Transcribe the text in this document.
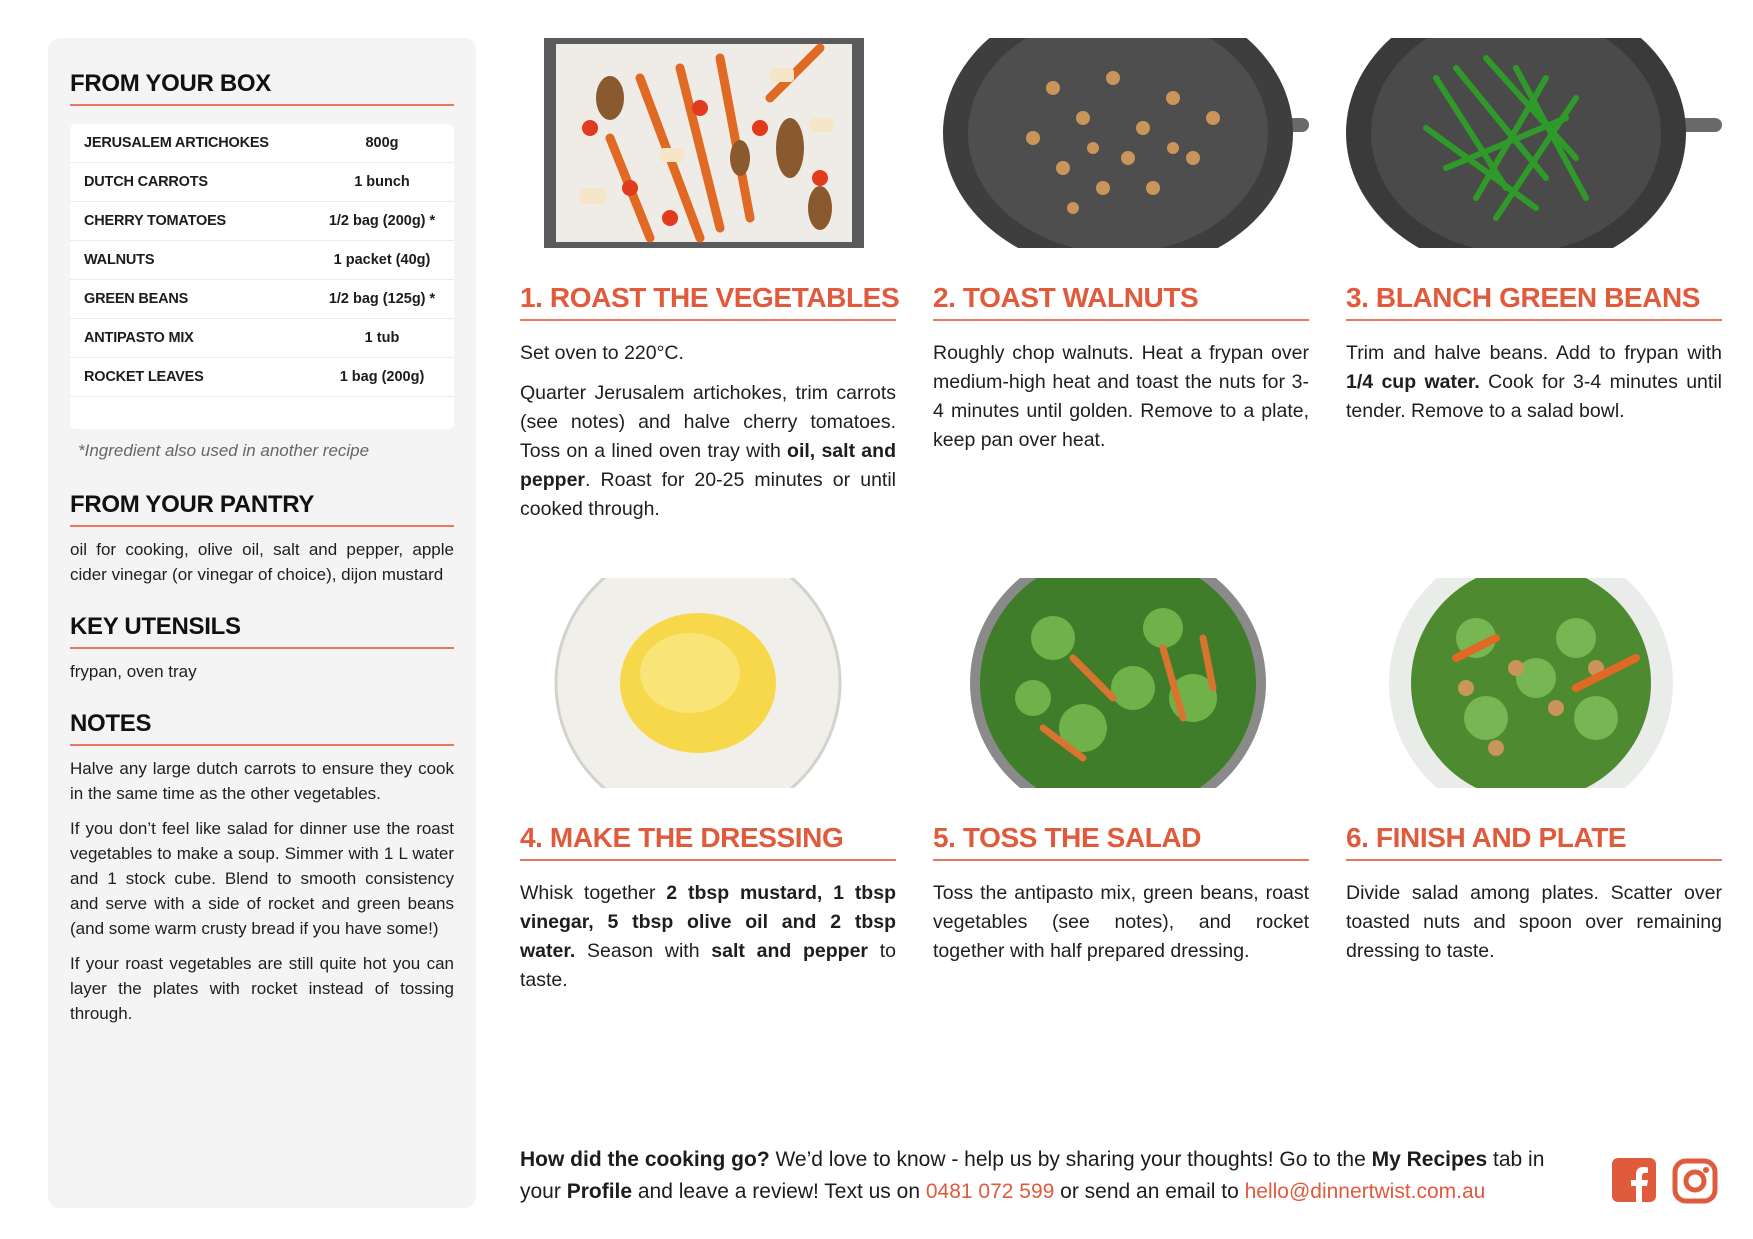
FROM YOUR BOX
JERUSALEM ARTICHOKES	800g
DUTCH CARROTS	1 bunch
CHERRY TOMATOES	1/2 bag (200g) *
WALNUTS	1 packet (40g)
GREEN BEANS	1/2 bag (125g) *
ANTIPASTO MIX	1 tub
ROCKET LEAVES	1 bag (200g)
*Ingredient also used in another recipe
FROM YOUR PANTRY
oil for cooking, olive oil, salt and pepper, apple cider vinegar (or vinegar of choice), dijon mustard
KEY UTENSILS
frypan, oven tray
NOTES

Halve any large dutch carrots to ensure they cook in the same time as the other vegetables.

If you don’t feel like salad for dinner use the roast vegetables to make a soup. Simmer with 1 L water and 1 stock cube. Blend to smooth consistency and serve with a side of rocket and green beans (and some warm crusty bread if you have some!)

If your roast vegetables are still quite hot you can layer the plates with rocket instead of tossing through.

1. ROAST THE VEGETABLES

Set oven to 220°C.

Quarter Jerusalem artichokes, trim carrots (see notes) and halve cherry tomatoes. Toss on a lined oven tray with oil, salt and pepper. Roast for 20-25 minutes or until cooked through.

2. TOAST WALNUTS

Roughly chop walnuts. Heat a frypan over medium-high heat and toast the nuts for 3-4 minutes until golden. Remove to a plate, keep pan over heat.

3. BLANCH GREEN BEANS

Trim and halve beans. Add to frypan with 1/4 cup water. Cook for 3-4 minutes until tender. Remove to a salad bowl.

4. MAKE THE DRESSING

Whisk together 2 tbsp mustard, 1 tbsp vinegar, 5 tbsp olive oil and 2 tbsp water. Season with salt and pepper to taste.

5. TOSS THE SALAD

Toss the antipasto mix, green beans, roast vegetables (see notes), and rocket together with half prepared dressing.

6. FINISH AND PLATE

Divide salad among plates. Scatter over toasted nuts and spoon over remaining dressing to taste.

How did the cooking go? We’d love to know - help us by sharing your thoughts! Go to the My Recipes tab in your Profile and leave a review! Text us on 0481 072 599 or send an email to hello@dinnertwist.com.au
